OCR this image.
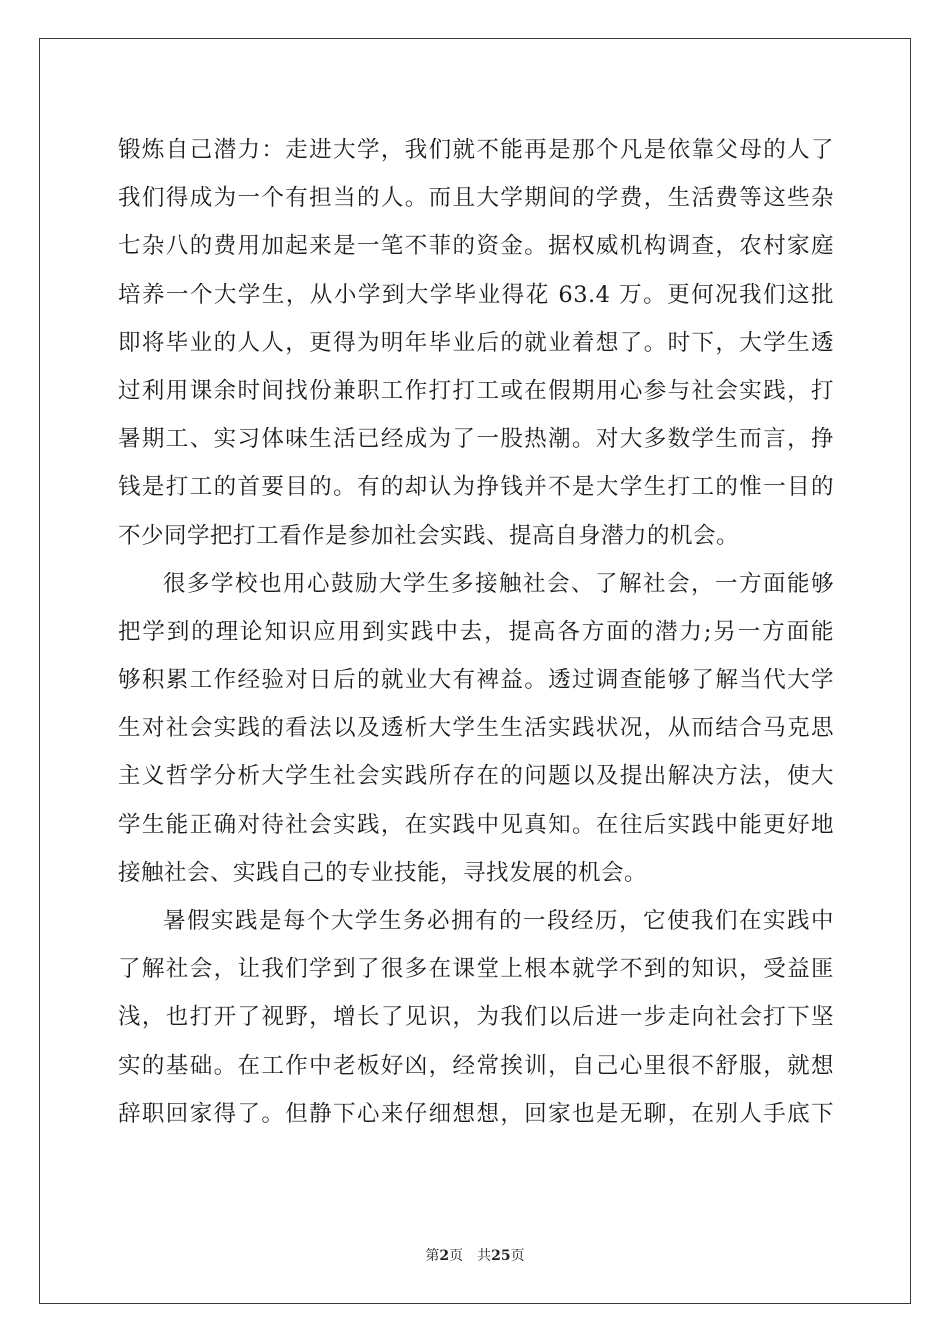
锻炼自己潜力：走进大学，我们就不能再是那个凡是依靠父母的人了
我们得成为一个有担当的人。而且大学期间的学费，生活费等这些杂
七杂八的费用加起来是一笔不菲的资金。据权威机构调查，农村家庭
培养一个大学生，从小学到大学毕业得花 63.4 万。更何况我们这批
即将毕业的人人，更得为明年毕业后的就业着想了。时下，大学生透
过利用课余时间找份兼职工作打打工或在假期用心参与社会实践，打
暑期工、实习体味生活已经成为了一股热潮。对大多数学生而言，挣
钱是打工的首要目的。有的却认为挣钱并不是大学生打工的惟一目的
不少同学把打工看作是参加社会实践、提高自身潜力的机会。
很多学校也用心鼓励大学生多接触社会、了解社会，一方面能够
把学到的理论知识应用到实践中去，提高各方面的潜力;另一方面能
够积累工作经验对日后的就业大有裨益。透过调查能够了解当代大学
生对社会实践的看法以及透析大学生生活实践状况，从而结合马克思
主义哲学分析大学生社会实践所存在的问题以及提出解决方法，使大
学生能正确对待社会实践，在实践中见真知。在往后实践中能更好地
接触社会、实践自己的专业技能，寻找发展的机会。
暑假实践是每个大学生务必拥有的一段经历，它使我们在实践中
了解社会，让我们学到了很多在课堂上根本就学不到的知识，受益匪
浅，也打开了视野，增长了见识，为我们以后进一步走向社会打下坚
实的基础。在工作中老板好凶，经常挨训，自己心里很不舒服，就想
辞职回家得了。但静下心来仔细想想，回家也是无聊，在别人手底下
第2页 共25页
